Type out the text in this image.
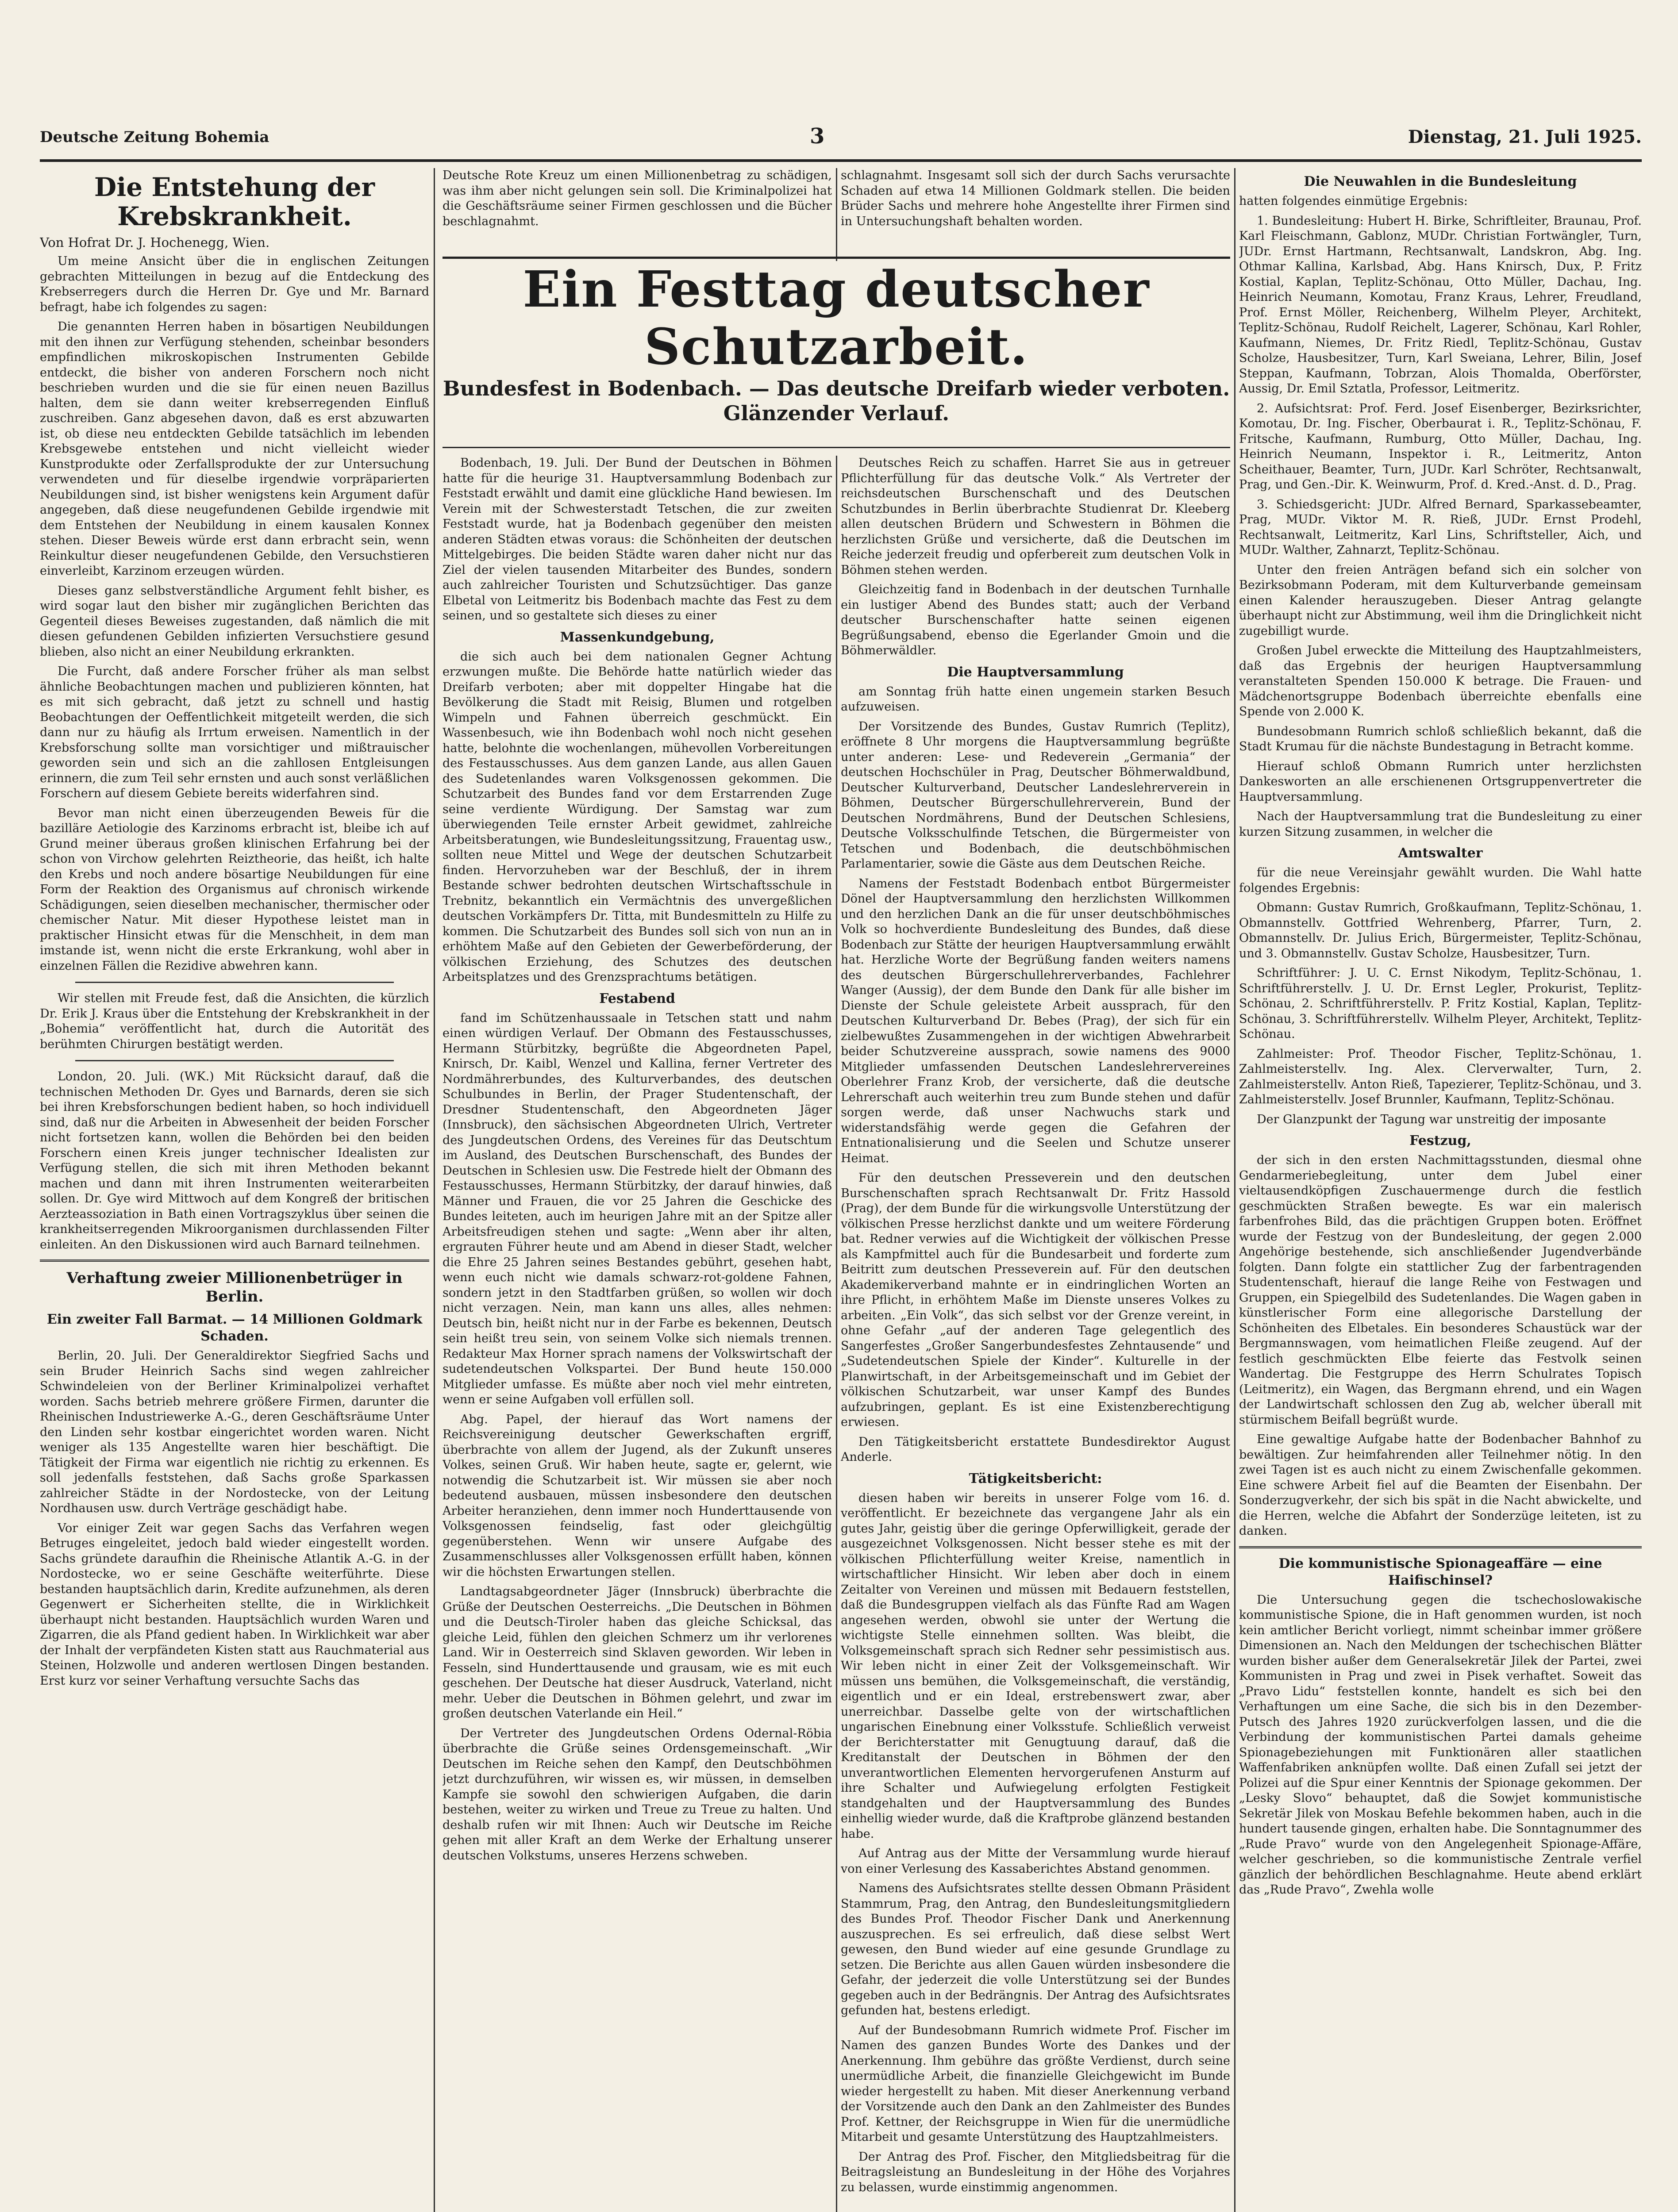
Deutsche Zeitung Bohemia	3	Dienstag, 21. Juli 1925.
Die Entstehung der Krebskrankheit.

Von Hofrat Dr. J. Hochenegg, Wien.

Um meine Ansicht über die in englischen Zeitungen gebrachten Mitteilungen in bezug auf die Entdeckung des Krebserregers durch die Herren Dr. Gye und Mr. Barnard befragt, habe ich folgendes zu sagen:

Die genannten Herren haben in bösartigen Neubildungen mit den ihnen zur Verfügung stehenden, scheinbar besonders empfindlichen mikroskopischen Instrumenten Gebilde entdeckt, die bisher von anderen Forschern noch nicht beschrieben wurden und die sie für einen neuen Bazillus halten, dem sie dann weiter krebserregenden Einfluß zuschreiben. Ganz abgesehen davon, daß es erst abzuwarten ist, ob diese neu entdeckten Gebilde tatsächlich im lebenden Krebsgewebe entstehen und nicht vielleicht wieder Kunstprodukte oder Zerfallsprodukte der zur Untersuchung verwendeten und für dieselbe irgendwie vorpräparierten Neubildungen sind, ist bisher wenigstens kein Argument dafür angegeben, daß diese neugefundenen Gebilde irgendwie mit dem Entstehen der Neubildung in einem kausalen Konnex stehen. Dieser Beweis würde erst dann erbracht sein, wenn Reinkultur dieser neugefundenen Gebilde, den Versuchstieren einverleibt, Karzinom erzeugen würden.

Dieses ganz selbstverständliche Argument fehlt bisher, es wird sogar laut den bisher mir zugänglichen Berichten das Gegenteil dieses Beweises zugestanden, daß nämlich die mit diesen gefundenen Gebilden infizierten Versuchstiere gesund blieben, also nicht an einer Neubildung erkrankten.

Die Furcht, daß andere Forscher früher als man selbst ähnliche Beobachtungen machen und publizieren könnten, hat es mit sich gebracht, daß jetzt zu schnell und hastig Beobachtungen der Oeffentlichkeit mitgeteilt werden, die sich dann nur zu häufig als Irrtum erweisen. Namentlich in der Krebsforschung sollte man vorsichtiger und mißtrauischer geworden sein und sich an die zahllosen Entgleisungen erinnern, die zum Teil sehr ernsten und auch sonst verläßlichen Forschern auf diesem Gebiete bereits widerfahren sind.

Bevor man nicht einen überzeugenden Beweis für die bazilläre Aetiologie des Karzinoms erbracht ist, bleibe ich auf Grund meiner überaus großen klinischen Erfahrung bei der schon von Virchow gelehrten Reiztheorie, das heißt, ich halte den Krebs und noch andere bösartige Neubildungen für eine Form der Reaktion des Organismus auf chronisch wirkende Schädigungen, seien dieselben mechanischer, thermischer oder chemischer Natur. Mit dieser Hypothese leistet man in praktischer Hinsicht etwas für die Menschheit, in dem man imstande ist, wenn nicht die erste Erkrankung, wohl aber in einzelnen Fällen die Rezidive abwehren kann.

Wir stellen mit Freude fest, daß die Ansichten, die kürzlich Dr. Erik J. Kraus über die Entstehung der Krebskrankheit in der „Bohemia“ veröffentlicht hat, durch die Autorität des berühmten Chirurgen bestätigt werden.

London, 20. Juli. (WK.) Mit Rücksicht darauf, daß die technischen Methoden Dr. Gyes und Barnards, deren sie sich bei ihren Krebsforschungen bedient haben, so hoch individuell sind, daß nur die Arbeiten in Abwesenheit der beiden Forscher nicht fortsetzen kann, wollen die Behörden bei den beiden Forschern einen Kreis junger technischer Idealisten zur Verfügung stellen, die sich mit ihren Methoden bekannt machen und dann mit ihren Instrumenten weiterarbeiten sollen. Dr. Gye wird Mittwoch auf dem Kongreß der britischen Aerzteassoziation in Bath einen Vortragszyklus über seinen die krankheitserregenden Mikroorganismen durchlassenden Filter einleiten. An den Diskussionen wird auch Barnard teilnehmen.

Verhaftung zweier Millionenbetrüger in Berlin.
Ein zweiter Fall Barmat. — 14 Millionen Goldmark Schaden.

Berlin, 20. Juli. Der Generaldirektor Siegfried Sachs und sein Bruder Heinrich Sachs sind wegen zahlreicher Schwindeleien von der Berliner Kriminalpolizei verhaftet worden. Sachs betrieb mehrere größere Firmen, darunter die Rheinischen Industriewerke A.-G., deren Geschäftsräume Unter den Linden sehr kostbar eingerichtet worden waren. Nicht weniger als 135 Angestellte waren hier beschäftigt. Die Tätigkeit der Firma war eigentlich nie richtig zu erkennen. Es soll jedenfalls feststehen, daß Sachs große Sparkassen zahlreicher Städte in der Nordostecke, von der Leitung Nordhausen usw. durch Verträge geschädigt habe.

Vor einiger Zeit war gegen Sachs das Verfahren wegen Betruges eingeleitet, jedoch bald wieder eingestellt worden. Sachs gründete daraufhin die Rheinische Atlantik A.-G. in der Nordostecke, wo er seine Geschäfte weiterführte. Diese bestanden hauptsächlich darin, Kredite aufzunehmen, als deren Gegenwert er Sicherheiten stellte, die in Wirklichkeit überhaupt nicht bestanden. Hauptsächlich wurden Waren und Zigarren, die als Pfand gedient haben. In Wirklichkeit war aber der Inhalt der verpfändeten Kisten statt aus Rauchmaterial aus Steinen, Holzwolle und anderen wertlosen Dingen bestanden. Erst kurz vor seiner Verhaftung versuchte Sachs das

Deutsche Rote Kreuz um einen Millionenbetrag zu schädigen, was ihm aber nicht gelungen sein soll. Die Kriminalpolizei hat die Geschäftsräume seiner Firmen geschlossen und die Bücher beschlagnahmt.

schlagnahmt. Insgesamt soll sich der durch Sachs verursachte Schaden auf etwa 14 Millionen Goldmark stellen. Die beiden Brüder Sachs und mehrere hohe Angestellte ihrer Firmen sind in Untersuchungshaft behalten worden.

Ein Festtag deutscher Schutzarbeit.
Bundesfest in Bodenbach. — Das deutsche Dreifarb wieder verboten.
Glänzender Verlauf.

Bodenbach, 19. Juli. Der Bund der Deutschen in Böhmen hatte für die heurige 31. Hauptversammlung Bodenbach zur Feststadt erwählt und damit eine glückliche Hand bewiesen. Im Verein mit der Schwesterstadt Tetschen, die zur zweiten Feststadt wurde, hat ja Bodenbach gegenüber den meisten anderen Städten etwas voraus: die Schönheiten der deutschen Mittelgebirges. Die beiden Städte waren daher nicht nur das Ziel der vielen tausenden Mitarbeiter des Bundes, sondern auch zahlreicher Touristen und Schutzsüchtiger. Das ganze Elbetal von Leitmeritz bis Bodenbach machte das Fest zu dem seinen, und so gestaltete sich dieses zu einer

Massenkundgebung,

die sich auch bei dem nationalen Gegner Achtung erzwungen mußte. Die Behörde hatte natürlich wieder das Dreifarb verboten; aber mit doppelter Hingabe hat die Bevölkerung die Stadt mit Reisig, Blumen und rotgelben Wimpeln und Fahnen überreich geschmückt. Ein Wassenbesuch, wie ihn Bodenbach wohl noch nicht gesehen hatte, belohnte die wochenlangen, mühevollen Vorbereitungen des Festausschusses. Aus dem ganzen Lande, aus allen Gauen des Sudetenlandes waren Volksgenossen gekommen. Die Schutzarbeit des Bundes fand vor dem Erstarrenden Zuge seine verdiente Würdigung. Der Samstag war zum überwiegenden Teile ernster Arbeit gewidmet, zahlreiche Arbeitsberatungen, wie Bundesleitungssitzung, Frauentag usw., sollten neue Mittel und Wege der deutschen Schutzarbeit finden. Hervorzuheben war der Beschluß, der in ihrem Bestande schwer bedrohten deutschen Wirtschaftsschule in Trebnitz, bekanntlich ein Vermächtnis des unvergeßlichen deutschen Vorkämpfers Dr. Titta, mit Bundesmitteln zu Hilfe zu kommen. Die Schutzarbeit des Bundes soll sich von nun an in erhöhtem Maße auf den Gebieten der Gewerbeförderung, der völkischen Erziehung, des Schutzes des deutschen Arbeitsplatzes und des Grenzsprachtums betätigen.

Festabend

fand im Schützenhaussaale in Tetschen statt und nahm einen würdigen Verlauf. Der Obmann des Festausschusses, Hermann Stürbitzky, begrüßte die Abgeordneten Papel, Knirsch, Dr. Kaibl, Wenzel und Kallina, ferner Vertreter des Nordmährerbundes, des Kulturverbandes, des deutschen Schulbundes in Berlin, der Prager Studentenschaft, der Dresdner Studentenschaft, den Abgeordneten Jäger (Innsbruck), den sächsischen Abgeordneten Ulrich, Vertreter des Jungdeutschen Ordens, des Vereines für das Deutschtum im Ausland, des Deutschen Burschenschaft, des Bundes der Deutschen in Schlesien usw. Die Festrede hielt der Obmann des Festausschusses, Hermann Stürbitzky, der darauf hinwies, daß Männer und Frauen, die vor 25 Jahren die Geschicke des Bundes leiteten, auch im heurigen Jahre mit an der Spitze aller Arbeitsfreudigen stehen und sagte: „Wenn aber ihr alten, ergrauten Führer heute und am Abend in dieser Stadt, welcher die Ehre 25 Jahren seines Bestandes gebührt, gesehen habt, wenn euch nicht wie damals schwarz-rot-goldene Fahnen, sondern jetzt in den Stadtfarben grüßen, so wollen wir doch nicht verzagen. Nein, man kann uns alles, alles nehmen: Deutsch bin, heißt nicht nur in der Farbe es bekennen, Deutsch sein heißt treu sein, von seinem Volke sich niemals trennen. Redakteur Max Horner sprach namens der Volkswirtschaft der sudetendeutschen Volkspartei. Der Bund heute 150.000 Mitglieder umfasse. Es müßte aber noch viel mehr eintreten, wenn er seine Aufgaben voll erfüllen soll.

Abg. Papel, der hierauf das Wort namens der Reichsvereinigung deutscher Gewerkschaften ergriff, überbrachte von allem der Jugend, als der Zukunft unseres Volkes, seinen Gruß. Wir haben heute, sagte er, gelernt, wie notwendig die Schutzarbeit ist. Wir müssen sie aber noch bedeutend ausbauen, müssen insbesondere den deutschen Arbeiter heranziehen, denn immer noch Hunderttausende von Volksgenossen feindselig, fast oder gleichgültig gegenüberstehen. Wenn wir unsere Aufgabe des Zusammenschlusses aller Volksgenossen erfüllt haben, können wir die höchsten Erwartungen stellen.

Landtagsabgeordneter Jäger (Innsbruck) überbrachte die Grüße der Deutschen Oesterreichs. „Die Deutschen in Böhmen und die Deutsch-Tiroler haben das gleiche Schicksal, das gleiche Leid, fühlen den gleichen Schmerz um ihr verlorenes Land. Wir in Oesterreich sind Sklaven geworden. Wir leben in Fesseln, sind Hunderttausende und grausam, wie es mit euch geschehen. Der Deutsche hat dieser Ausdruck, Vaterland, nicht mehr. Ueber die Deutschen in Böhmen gelehrt, und zwar im großen deutschen Vaterlande ein Heil.“

Der Vertreter des Jungdeutschen Ordens Odernal-Röbia überbrachte die Grüße seines Ordensgemeinschaft. „Wir Deutschen im Reiche sehen den Kampf, den Deutschböhmen jetzt durchzuführen, wir wissen es, wir müssen, in demselben Kampfe sie sowohl den schwierigen Aufgaben, die darin bestehen, weiter zu wirken und Treue zu Treue zu halten. Und deshalb rufen wir mit Ihnen: Auch wir Deutsche im Reiche gehen mit aller Kraft an dem Werke der Erhaltung unserer deutschen Volkstums, unseres Herzens schweben.

Deutsches Reich zu schaffen. Harret Sie aus in getreuer Pflichterfüllung für das deutsche Volk.“ Als Vertreter der reichsdeutschen Burschenschaft und des Deutschen Schutzbundes in Berlin überbrachte Studienrat Dr. Kleeberg allen deutschen Brüdern und Schwestern in Böhmen die herzlichsten Grüße und versicherte, daß die Deutschen im Reiche jederzeit freudig und opferbereit zum deutschen Volk in Böhmen stehen werden.

Gleichzeitig fand in Bodenbach in der deutschen Turnhalle ein lustiger Abend des Bundes statt; auch der Verband deutscher Burschenschafter hatte seinen eigenen Begrüßungsabend, ebenso die Egerlander Gmoin und die Böhmerwäldler.

Die Hauptversammlung

am Sonntag früh hatte einen ungemein starken Besuch aufzuweisen.

Der Vorsitzende des Bundes, Gustav Rumrich (Teplitz), eröffnete 8 Uhr morgens die Hauptversammlung begrüßte unter anderen: Lese- und Redeverein „Germania“ der deutschen Hochschüler in Prag, Deutscher Böhmerwaldbund, Deutscher Kulturverband, Deutscher Landeslehrerverein in Böhmen, Deutscher Bürgerschullehrerverein, Bund der Deutschen Nordmährens, Bund der Deutschen Schlesiens, Deutsche Volksschulfinde Tetschen, die Bürgermeister von Tetschen und Bodenbach, die deutschböhmischen Parlamentarier, sowie die Gäste aus dem Deutschen Reiche.

Namens der Feststadt Bodenbach entbot Bürgermeister Dönel der Hauptversammlung den herzlichsten Willkommen und den herzlichen Dank an die für unser deutschböhmisches Volk so hochverdiente Bundesleitung des Bundes, daß diese Bodenbach zur Stätte der heurigen Hauptversammlung erwählt hat. Herzliche Worte der Begrüßung fanden weiters namens des deutschen Bürgerschullehrerverbandes, Fachlehrer Wanger (Aussig), der dem Bunde den Dank für alle bisher im Dienste der Schule geleistete Arbeit aussprach, für den Deutschen Kulturverband Dr. Bebes (Prag), der sich für ein zielbewußtes Zusammengehen in der wichtigen Abwehrarbeit beider Schutzvereine aussprach, sowie namens des 9000 Mitglieder umfassenden Deutschen Landeslehrervereines Oberlehrer Franz Krob, der versicherte, daß die deutsche Lehrerschaft auch weiterhin treu zum Bunde stehen und dafür sorgen werde, daß unser Nachwuchs stark und widerstandsfähig werde gegen die Gefahren der Entnationalisierung und die Seelen und Schutze unserer Heimat.

Für den deutschen Presseverein und den deutschen Burschenschaften sprach Rechtsanwalt Dr. Fritz Hassold (Prag), der dem Bunde für die wirkungsvolle Unterstützung der völkischen Presse herzlichst dankte und um weitere Förderung bat. Redner verwies auf die Wichtigkeit der völkischen Presse als Kampfmittel auch für die Bundesarbeit und forderte zum Beitritt zum deutschen Presseverein auf. Für den deutschen Akademikerverband mahnte er in eindringlichen Worten an ihre Pflicht, in erhöhtem Maße im Dienste unseres Volkes zu arbeiten. „Ein Volk“, das sich selbst vor der Grenze vereint, in ohne Gefahr „auf der anderen Tage gelegentlich des Sangerfestes „Großer Sangerbundesfestes Zehntausende“ und „Sudetendeutschen Spiele der Kinder“. Kulturelle in der Planwirtschaft, in der Arbeitsgemeinschaft und im Gebiet der völkischen Schutzarbeit, war unser Kampf des Bundes aufzubringen, geplant. Es ist eine Existenzberechtigung erwiesen.

Den Tätigkeitsbericht erstattete Bundesdirektor August Anderle.

Tätigkeitsbericht:

diesen haben wir bereits in unserer Folge vom 16. d. veröffentlicht. Er bezeichnete das vergangene Jahr als ein gutes Jahr, geistig über die geringe Opferwilligkeit, gerade der ausgezeichnet Volksgenossen. Nicht besser stehe es mit der völkischen Pflichterfüllung weiter Kreise, namentlich in wirtschaftlicher Hinsicht. Wir leben aber doch in einem Zeitalter von Vereinen und müssen mit Bedauern feststellen, daß die Bundesgruppen vielfach als das Fünfte Rad am Wagen angesehen werden, obwohl sie unter der Wertung die wichtigste Stelle einnehmen sollten. Was bleibt, die Volksgemeinschaft sprach sich Redner sehr pessimistisch aus. Wir leben nicht in einer Zeit der Volksgemeinschaft. Wir müssen uns bemühen, die Volksgemeinschaft, die verständig, eigentlich und er ein Ideal, erstrebenswert zwar, aber unerreichbar. Dasselbe gelte von der wirtschaftlichen ungarischen Einebnung einer Volksstufe. Schließlich verweist der Berichterstatter mit Genugtuung darauf, daß die Kreditanstalt der Deutschen in Böhmen der den unverantwortlichen Elementen hervorgerufenen Ansturm auf ihre Schalter und Aufwiegelung erfolgten Festigkeit standgehalten und der Hauptversammlung des Bundes einhellig wieder wurde, daß die Kraftprobe glänzend bestanden habe.

Auf Antrag aus der Mitte der Versammlung wurde hierauf von einer Verlesung des Kassaberichtes Abstand genommen.

Namens des Aufsichtsrates stellte dessen Obmann Präsident Stammrum, Prag, den Antrag, den Bundesleitungsmitgliedern des Bundes Prof. Theodor Fischer Dank und Anerkennung auszusprechen. Es sei erfreulich, daß diese selbst Wert gewesen, den Bund wieder auf eine gesunde Grundlage zu setzen. Die Berichte aus allen Gauen würden insbesondere die Gefahr, der jederzeit die volle Unterstützung sei der Bundes gegeben auch in der Bedrängnis. Der Antrag des Aufsichtsrates gefunden hat, bestens erledigt.

Auf der Bundesobmann Rumrich widmete Prof. Fischer im Namen des ganzen Bundes Worte des Dankes und der Anerkennung. Ihm gebühre das größte Verdienst, durch seine unermüdliche Arbeit, die finanzielle Gleichgewicht im Bunde wieder hergestellt zu haben. Mit dieser Anerkennung verband der Vorsitzende auch den Dank an den Zahlmeister des Bundes Prof. Kettner, der Reichsgruppe in Wien für die unermüdliche Mitarbeit und gesamte Unterstützung des Hauptzahlmeisters.

Der Antrag des Prof. Fischer, den Mitgliedsbeitrag für die Beitragsleistung an Bundesleitung in der Höhe des Vorjahres zu belassen, wurde einstimmig angenommen.

Die Neuwahlen in die Bundesleitung

hatten folgendes einmütige Ergebnis:

1. Bundesleitung: Hubert H. Birke, Schriftleiter, Braunau, Prof. Karl Fleischmann, Gablonz, MUDr. Christian Fortwängler, Turn, JUDr. Ernst Hartmann, Rechtsanwalt, Landskron, Abg. Ing. Othmar Kallina, Karlsbad, Abg. Hans Knirsch, Dux, P. Fritz Kostial, Kaplan, Teplitz-Schönau, Otto Müller, Dachau, Ing. Heinrich Neumann, Komotau, Franz Kraus, Lehrer, Freudland, Prof. Ernst Möller, Reichenberg, Wilhelm Pleyer, Architekt, Teplitz-Schönau, Rudolf Reichelt, Lagerer, Schönau, Karl Rohler, Kaufmann, Niemes, Dr. Fritz Riedl, Teplitz-Schönau, Gustav Scholze, Hausbesitzer, Turn, Karl Sweiana, Lehrer, Bilin, Josef Steppan, Kaufmann, Tobrzan, Alois Thomalda, Oberförster, Aussig, Dr. Emil Sztatla, Professor, Leitmeritz.

2. Aufsichtsrat: Prof. Ferd. Josef Eisenberger, Bezirksrichter, Komotau, Dr. Ing. Fischer, Oberbaurat i. R., Teplitz-Schönau, F. Fritsche, Kaufmann, Rumburg, Otto Müller, Dachau, Ing. Heinrich Neumann, Inspektor i. R., Leitmeritz, Anton Scheithauer, Beamter, Turn, JUDr. Karl Schröter, Rechtsanwalt, Prag, und Gen.-Dir. K. Weinwurm, Prof. d. Kred.-Anst. d. D., Prag.

3. Schiedsgericht: JUDr. Alfred Bernard, Sparkassebeamter, Prag, MUDr. Viktor M. R. Rieß, JUDr. Ernst Prodehl, Rechtsanwalt, Leitmeritz, Karl Lins, Schriftsteller, Aich, und MUDr. Walther, Zahnarzt, Teplitz-Schönau.

Unter den freien Anträgen befand sich ein solcher von Bezirksobmann Poderam, mit dem Kulturverbande gemeinsam einen Kalender herauszugeben. Dieser Antrag gelangte überhaupt nicht zur Abstimmung, weil ihm die Dringlichkeit nicht zugebilligt wurde.

Großen Jubel erweckte die Mitteilung des Hauptzahlmeisters, daß das Ergebnis der heurigen Hauptversammlung veranstalteten Spenden 150.000 K betrage. Die Frauen- und Mädchenortsgruppe Bodenbach überreichte ebenfalls eine Spende von 2.000 K.

Bundesobmann Rumrich schloß schließlich bekannt, daß die Stadt Krumau für die nächste Bundestagung in Betracht komme.

Hierauf schloß Obmann Rumrich unter herzlichsten Dankesworten an alle erschienenen Ortsgruppenvertreter die Hauptversammlung.

Nach der Hauptversammlung trat die Bundesleitung zu einer kurzen Sitzung zusammen, in welcher die

Amtswalter

für die neue Vereinsjahr gewählt wurden. Die Wahl hatte folgendes Ergebnis:

Obmann: Gustav Rumrich, Großkaufmann, Teplitz-Schönau, 1. Obmannstellv. Gottfried Wehrenberg, Pfarrer, Turn, 2. Obmannstellv. Dr. Julius Erich, Bürgermeister, Teplitz-Schönau, und 3. Obmannstellv. Gustav Scholze, Hausbesitzer, Turn.

Schriftführer: J. U. C. Ernst Nikodym, Teplitz-Schönau, 1. Schriftführerstellv. J. U. Dr. Ernst Legler, Prokurist, Teplitz-Schönau, 2. Schriftführerstellv. P. Fritz Kostial, Kaplan, Teplitz-Schönau, 3. Schriftführerstellv. Wilhelm Pleyer, Architekt, Teplitz-Schönau.

Zahlmeister: Prof. Theodor Fischer, Teplitz-Schönau, 1. Zahlmeisterstellv. Ing. Alex. Clerverwalter, Turn, 2. Zahlmeisterstellv. Anton Rieß, Tapezierer, Teplitz-Schönau, und 3. Zahlmeisterstellv. Josef Brunnler, Kaufmann, Teplitz-Schönau.

Der Glanzpunkt der Tagung war unstreitig der imposante

Festzug,

der sich in den ersten Nachmittagsstunden, diesmal ohne Gendarmeriebegleitung, unter dem Jubel einer vieltausendköpfigen Zuschauermenge durch die festlich geschmückten Straßen bewegte. Es war ein malerisch farbenfrohes Bild, das die prächtigen Gruppen boten. Eröffnet wurde der Festzug von der Bundesleitung, der gegen 2.000 Angehörige bestehende, sich anschließender Jugendverbände folgten. Dann folgte ein stattlicher Zug der farbentragenden Studentenschaft, hierauf die lange Reihe von Festwagen und Gruppen, ein Spiegelbild des Sudetenlandes. Die Wagen gaben in künstlerischer Form eine allegorische Darstellung der Schönheiten des Elbetales. Ein besonderes Schaustück war der Bergmannswagen, vom heimatlichen Fleiße zeugend. Auf der festlich geschmückten Elbe feierte das Festvolk seinen Wandertag. Die Festgruppe des Herrn Schulrates Topisch (Leitmeritz), ein Wagen, das Bergmann ehrend, und ein Wagen der Landwirtschaft schlossen den Zug ab, welcher überall mit stürmischem Beifall begrüßt wurde.

Eine gewaltige Aufgabe hatte der Bodenbacher Bahnhof zu bewältigen. Zur heimfahrenden aller Teilnehmer nötig. In den zwei Tagen ist es auch nicht zu einem Zwischenfalle gekommen. Eine schwere Arbeit fiel auf die Beamten der Eisenbahn. Der Sonderzugverkehr, der sich bis spät in die Nacht abwickelte, und die Herren, welche die Abfahrt der Sonderzüge leiteten, ist zu danken.

Die kommunistische Spionageaffäre — eine Haifischinsel?

Die Untersuchung gegen die tschechoslowakische kommunistische Spione, die in Haft genommen wurden, ist noch kein amtlicher Bericht vorliegt, nimmt scheinbar immer größere Dimensionen an. Nach den Meldungen der tschechischen Blätter wurden bisher außer dem Generalsekretär Jilek der Partei, zwei Kommunisten in Prag und zwei in Pisek verhaftet. Soweit das „Pravo Lidu“ feststellen konnte, handelt es sich bei den Verhaftungen um eine Sache, die sich bis in den Dezember-Putsch des Jahres 1920 zurückverfolgen lassen, und die die Verbindung der kommunistischen Partei damals geheime Spionagebeziehungen mit Funktionären aller staatlichen Waffenfabriken anknüpfen wollte. Daß einen Zufall sei jetzt der Polizei auf die Spur einer Kenntnis der Spionage gekommen. Der „Lesky Slovo“ behauptet, daß die Sowjet kommunistische Sekretär Jilek von Moskau Befehle bekommen haben, auch in die hundert tausende gingen, erhalten habe. Die Sonntagnummer des „Rude Pravo“ wurde von den Angelegenheit Spionage-Affäre, welcher geschrieben, so die kommunistische Zentrale verfiel gänzlich der behördlichen Beschlagnahme. Heute abend erklärt das „Rude Pravo“, Zwehla wolle
